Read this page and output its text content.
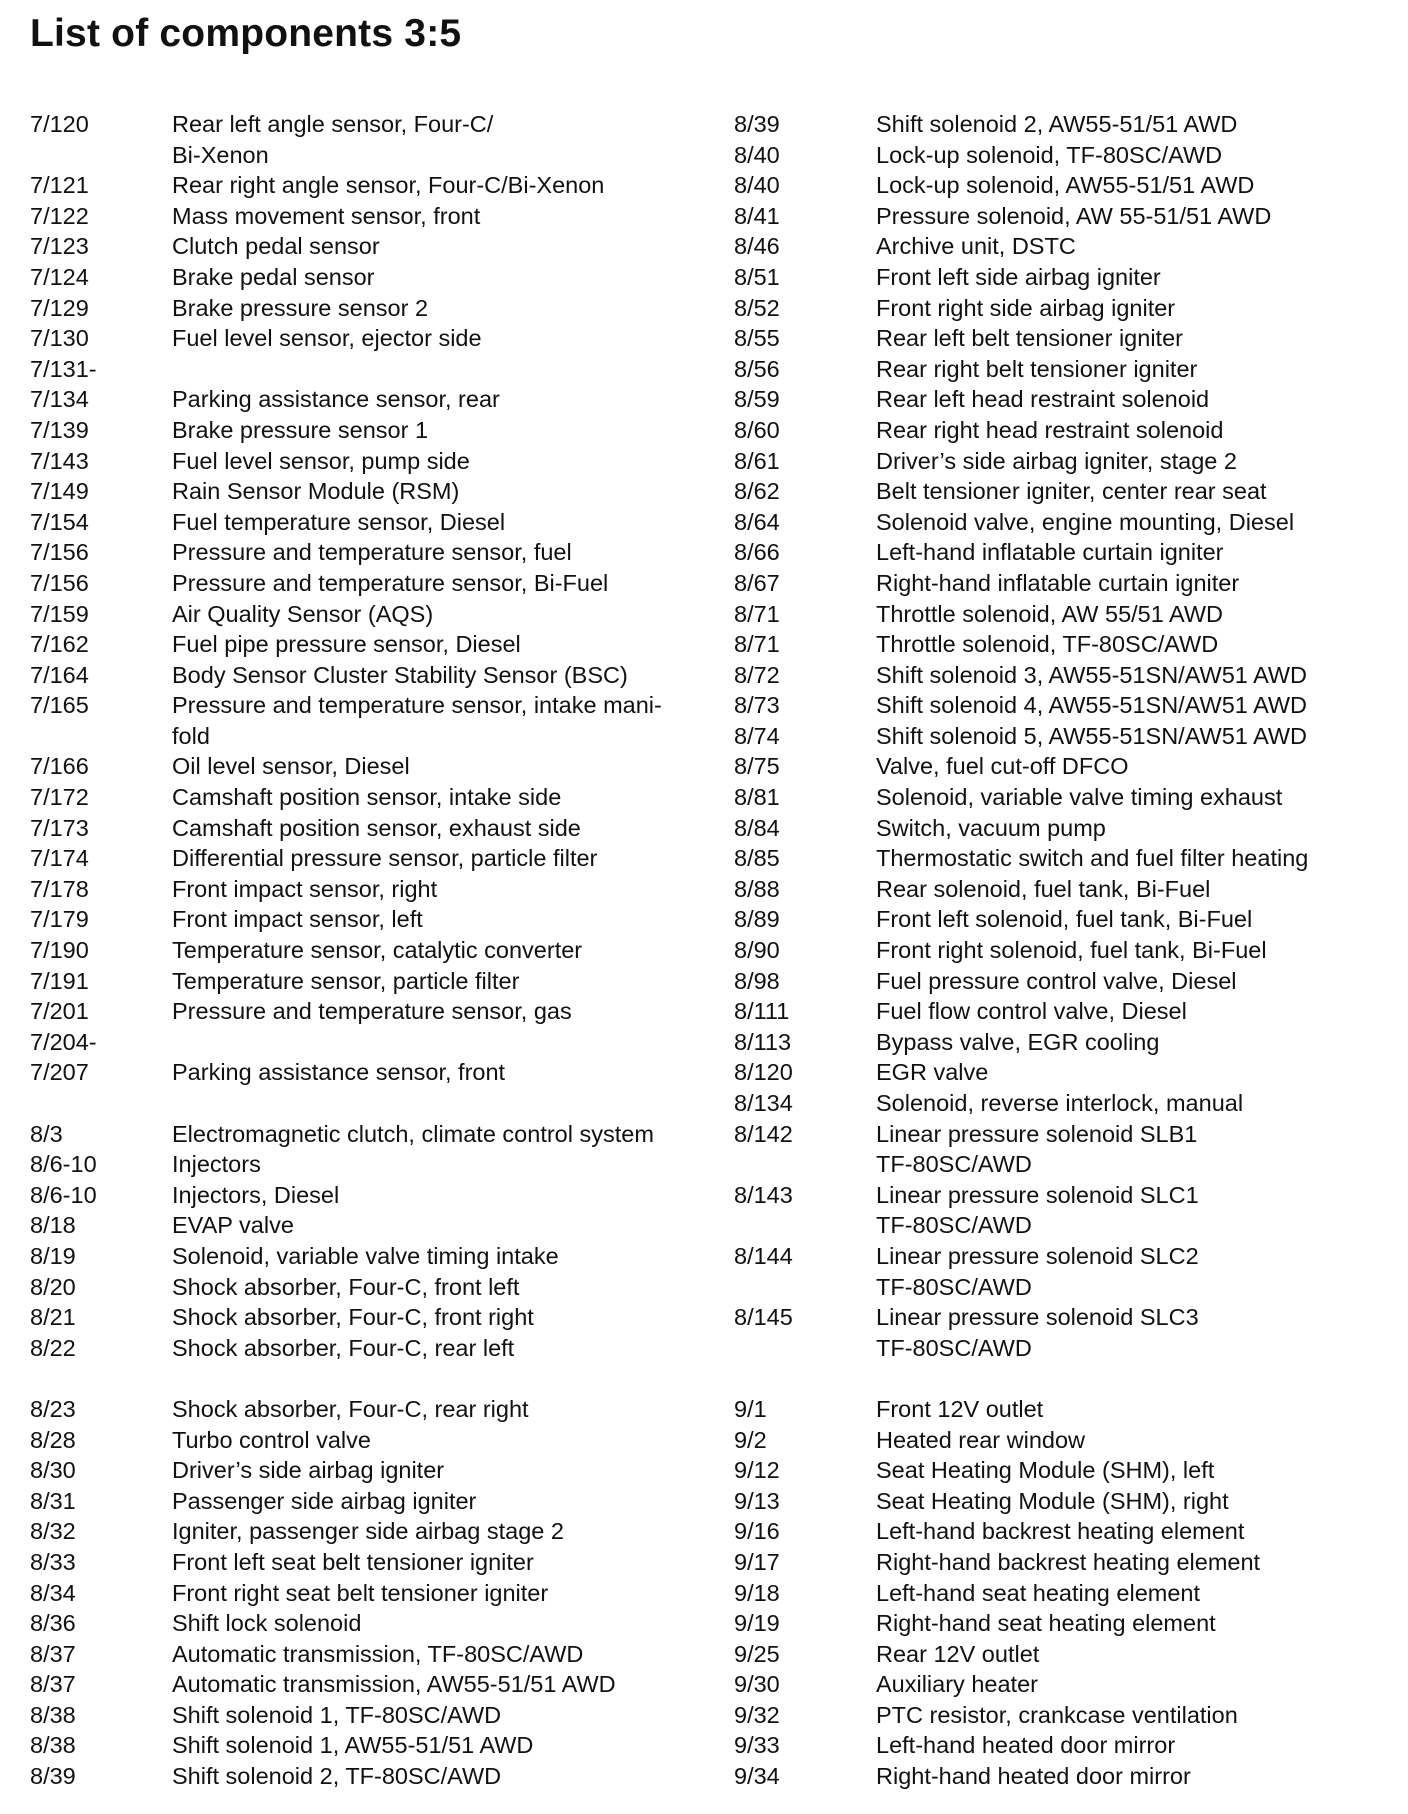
List of components 3:5
7/120	Rear left angle sensor, Four-C/
Bi-Xenon
7/121	Rear right angle sensor, Four-C/Bi-Xenon
7/122	Mass movement sensor, front
7/123	Clutch pedal sensor
7/124	Brake pedal sensor
7/129	Brake pressure sensor 2
7/130	Fuel level sensor, ejector side
7/131-
7/134	Parking assistance sensor, rear
7/139	Brake pressure sensor 1
7/143	Fuel level sensor, pump side
7/149	Rain Sensor Module (RSM)
7/154	Fuel temperature sensor, Diesel
7/156	Pressure and temperature sensor, fuel
7/156	Pressure and temperature sensor, Bi-Fuel
7/159	Air Quality Sensor (AQS)
7/162	Fuel pipe pressure sensor, Diesel
7/164	Body Sensor Cluster Stability Sensor (BSC)
7/165	Pressure and temperature sensor, intake mani-
fold
7/166	Oil level sensor, Diesel
7/172	Camshaft position sensor, intake side
7/173	Camshaft position sensor, exhaust side
7/174	Differential pressure sensor, particle filter
7/178	Front impact sensor, right
7/179	Front impact sensor, left
7/190	Temperature sensor, catalytic converter
7/191	Temperature sensor, particle filter
7/201	Pressure and temperature sensor, gas
7/204-
7/207	Parking assistance sensor, front
8/3	Electromagnetic clutch, climate control system
8/6-10	Injectors
8/6-10	Injectors, Diesel
8/18	EVAP valve
8/19	Solenoid, variable valve timing intake
8/20	Shock absorber, Four-C, front left
8/21	Shock absorber, Four-C, front right
8/22	Shock absorber, Four-C, rear left
8/23	Shock absorber, Four-C, rear right
8/28	Turbo control valve
8/30	Driver’s side airbag igniter
8/31	Passenger side airbag igniter
8/32	Igniter, passenger side airbag stage 2
8/33	Front left seat belt tensioner igniter
8/34	Front right seat belt tensioner igniter
8/36	Shift lock solenoid
8/37	Automatic transmission, TF-80SC/AWD
8/37	Automatic transmission, AW55-51/51 AWD
8/38	Shift solenoid 1, TF-80SC/AWD
8/38	Shift solenoid 1, AW55-51/51 AWD
8/39	Shift solenoid 2, TF-80SC/AWD
8/39	Shift solenoid 2, AW55-51/51 AWD
8/40	Lock-up solenoid, TF-80SC/AWD
8/40	Lock-up solenoid, AW55-51/51 AWD
8/41	Pressure solenoid, AW 55-51/51 AWD
8/46	Archive unit, DSTC
8/51	Front left side airbag igniter
8/52	Front right side airbag igniter
8/55	Rear left belt tensioner igniter
8/56	Rear right belt tensioner igniter
8/59	Rear left head restraint solenoid
8/60	Rear right head restraint solenoid
8/61	Driver’s side airbag igniter, stage 2
8/62	Belt tensioner igniter, center rear seat
8/64	Solenoid valve, engine mounting, Diesel
8/66	Left-hand inflatable curtain igniter
8/67	Right-hand inflatable curtain igniter
8/71	Throttle solenoid, AW 55/51 AWD
8/71	Throttle solenoid, TF-80SC/AWD
8/72	Shift solenoid 3, AW55-51SN/AW51 AWD
8/73	Shift solenoid 4, AW55-51SN/AW51 AWD
8/74	Shift solenoid 5, AW55-51SN/AW51 AWD
8/75	Valve, fuel cut-off DFCO
8/81	Solenoid, variable valve timing exhaust
8/84	Switch, vacuum pump
8/85	Thermostatic switch and fuel filter heating
8/88	Rear solenoid, fuel tank, Bi-Fuel
8/89	Front left solenoid, fuel tank, Bi-Fuel
8/90	Front right solenoid, fuel tank, Bi-Fuel
8/98	Fuel pressure control valve, Diesel
8/111	Fuel flow control valve, Diesel
8/113	Bypass valve, EGR cooling
8/120	EGR valve
8/134	Solenoid, reverse interlock, manual
8/142	Linear pressure solenoid SLB1
TF-80SC/AWD
8/143	Linear pressure solenoid SLC1
TF-80SC/AWD
8/144	Linear pressure solenoid SLC2
TF-80SC/AWD
8/145	Linear pressure solenoid SLC3
TF-80SC/AWD
9/1	Front 12V outlet
9/2	Heated rear window
9/12	Seat Heating Module (SHM), left
9/13	Seat Heating Module (SHM), right
9/16	Left-hand backrest heating element
9/17	Right-hand backrest heating element
9/18	Left-hand seat heating element
9/19	Right-hand seat heating element
9/25	Rear 12V outlet
9/30	Auxiliary heater
9/32	PTC resistor, crankcase ventilation
9/33	Left-hand heated door mirror
9/34	Right-hand heated door mirror
